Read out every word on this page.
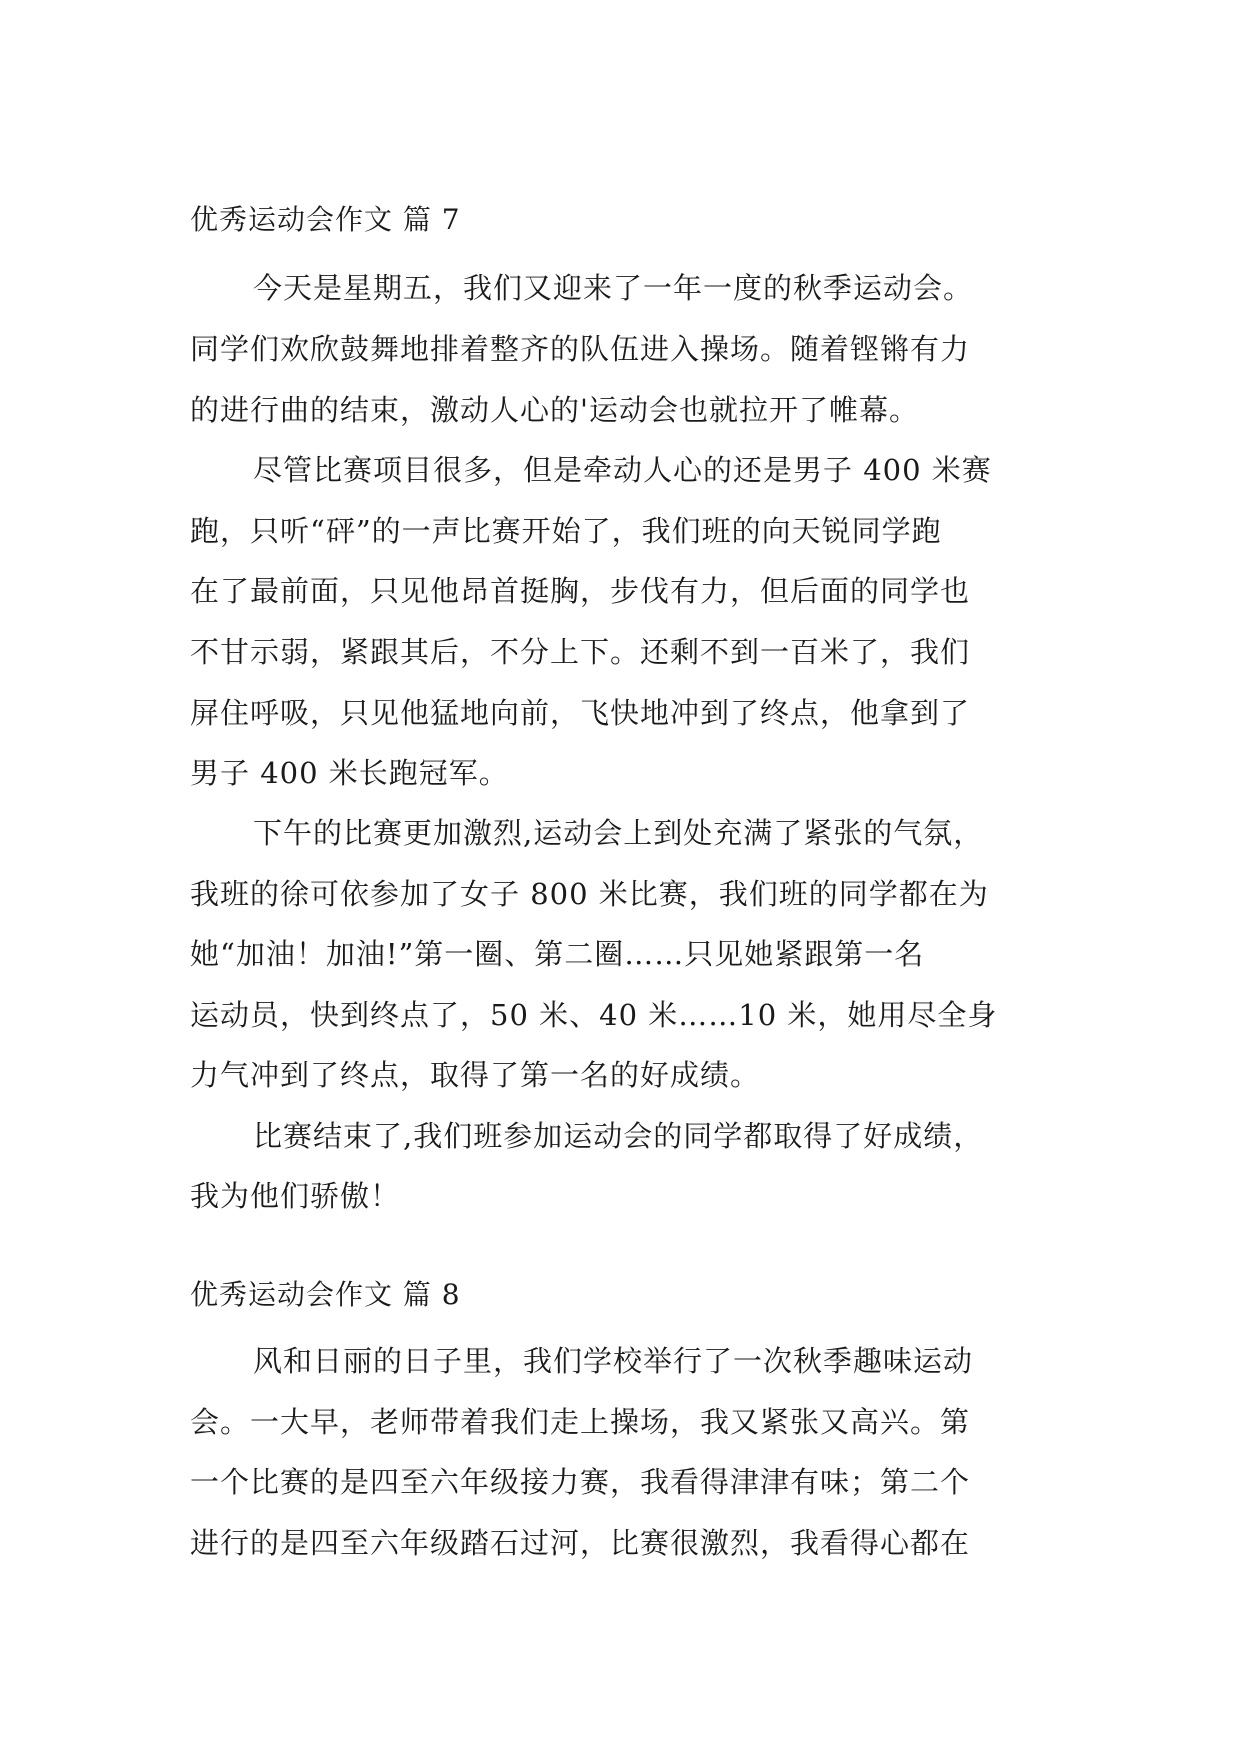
优秀运动会作文 篇 7
今天是星期五，我们又迎来了一年一度的秋季运动会。
同学们欢欣鼓舞地排着整齐的队伍进入操场。随着铿锵有力
的进行曲的结束，激动人心的'运动会也就拉开了帷幕。
尽管比赛项目很多，但是牵动人心的还是男子 400 米赛
跑，只听“砰”的一声比赛开始了，我们班的向天锐同学跑
在了最前面，只见他昂首挺胸，步伐有力，但后面的同学也
不甘示弱，紧跟其后，不分上下。还剩不到一百米了，我们
屏住呼吸，只见他猛地向前，飞快地冲到了终点，他拿到了
男子 400 米长跑冠军。
下午的比赛更加激烈,运动会上到处充满了紧张的气氛，
我班的徐可依参加了女子 800 米比赛，我们班的同学都在为
她“加油！加油!”第一圈、第二圈……只见她紧跟第一名
运动员，快到终点了，50 米、40 米……10 米，她用尽全身
力气冲到了终点，取得了第一名的好成绩。
比赛结束了,我们班参加运动会的同学都取得了好成绩，
我为他们骄傲！
优秀运动会作文 篇 8
风和日丽的日子里，我们学校举行了一次秋季趣味运动
会。一大早，老师带着我们走上操场，我又紧张又高兴。第
一个比赛的是四至六年级接力赛，我看得津津有味；第二个
进行的是四至六年级踏石过河，比赛很激烈，我看得心都在
